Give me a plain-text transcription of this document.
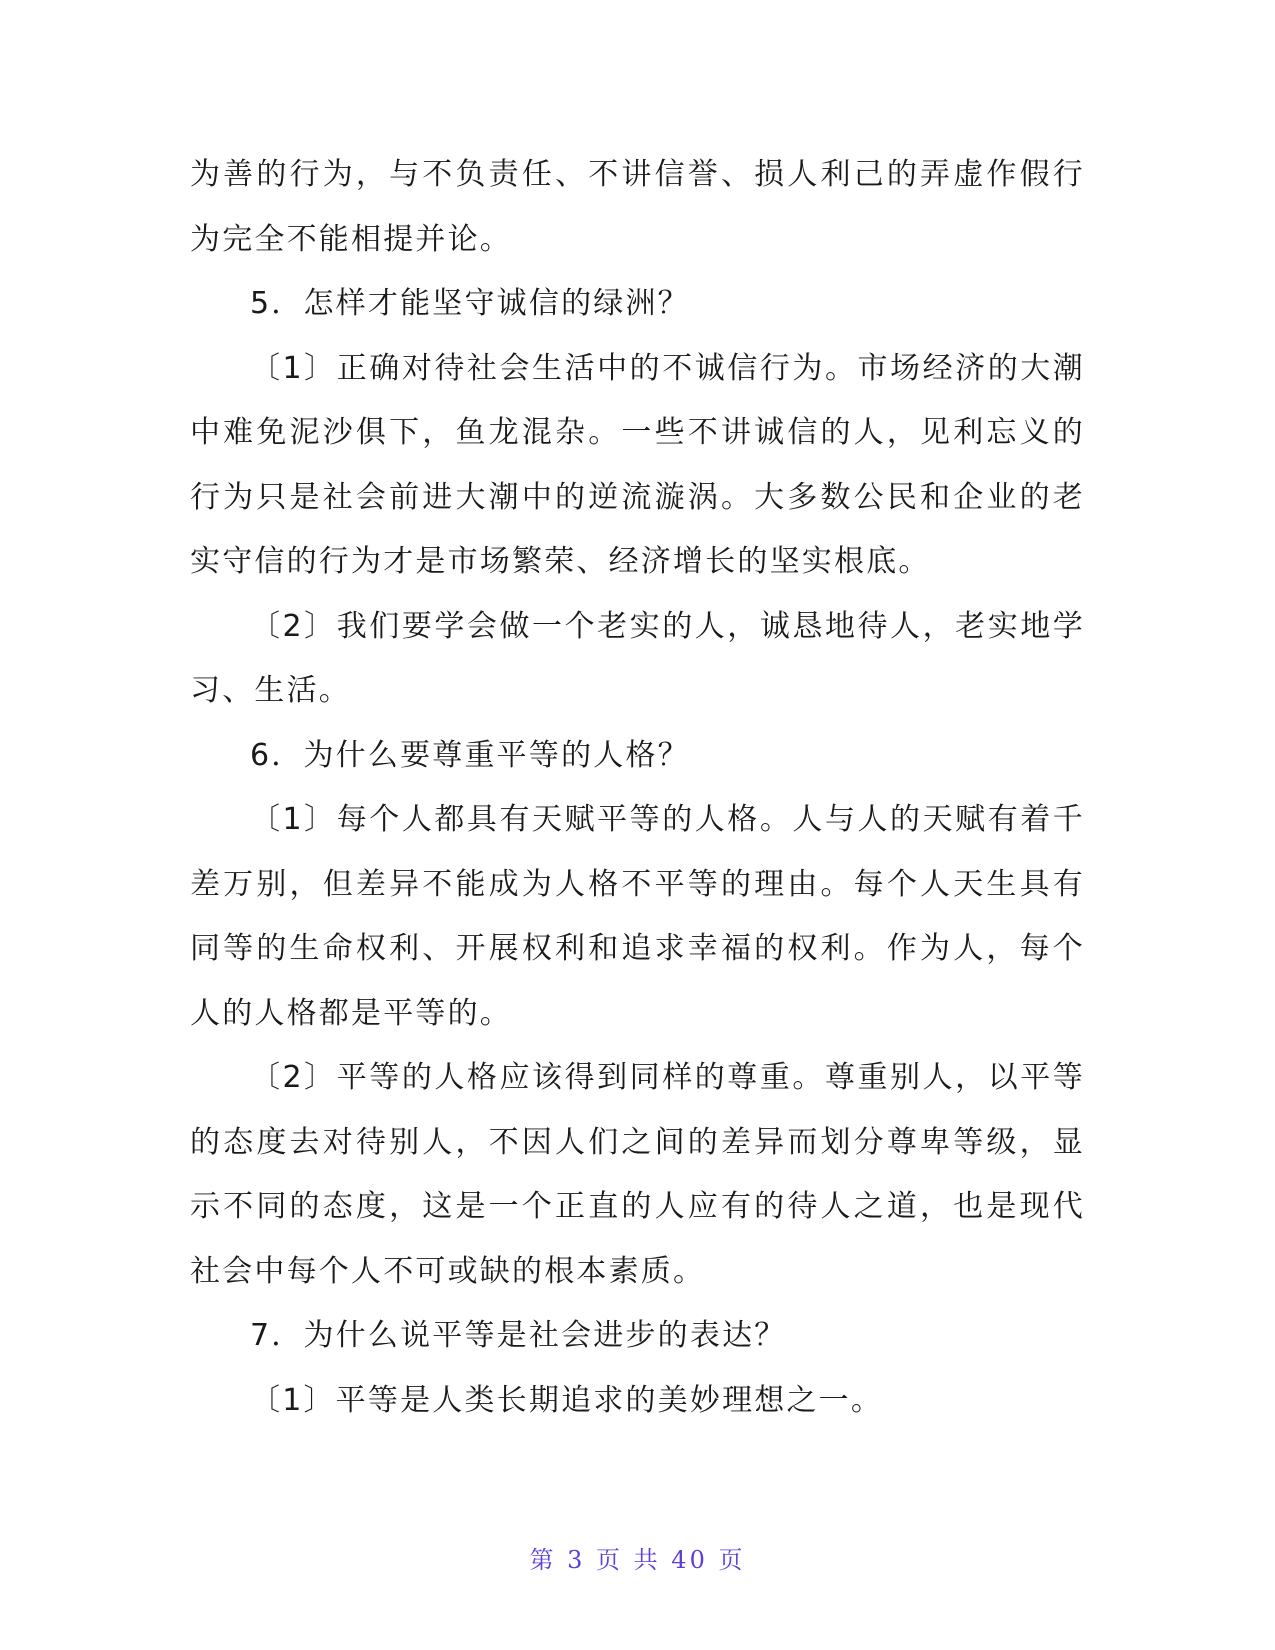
为善的行为，与不负责任、不讲信誉、损人利己的弄虚作假行为完全不能相提并论。

5．怎样才能坚守诚信的绿洲？

〔1〕正确对待社会生活中的不诚信行为。市场经济的大潮中难免泥沙俱下，鱼龙混杂。一些不讲诚信的人，见利忘义的行为只是社会前进大潮中的逆流漩涡。大多数公民和企业的老实守信的行为才是市场繁荣、经济增长的坚实根底。

〔2〕我们要学会做一个老实的人，诚恳地待人，老实地学习、生活。

6．为什么要尊重平等的人格？

〔1〕每个人都具有天赋平等的人格。人与人的天赋有着千差万别，但差异不能成为人格不平等的理由。每个人天生具有同等的生命权利、开展权利和追求幸福的权利。作为人，每个人的人格都是平等的。

〔2〕平等的人格应该得到同样的尊重。尊重别人，以平等的态度去对待别人，不因人们之间的差异而划分尊卑等级，显示不同的态度，这是一个正直的人应有的待人之道，也是现代社会中每个人不可或缺的根本素质。

7．为什么说平等是社会进步的表达？

〔1〕平等是人类长期追求的美妙理想之一。

第 3 页 共 40 页
